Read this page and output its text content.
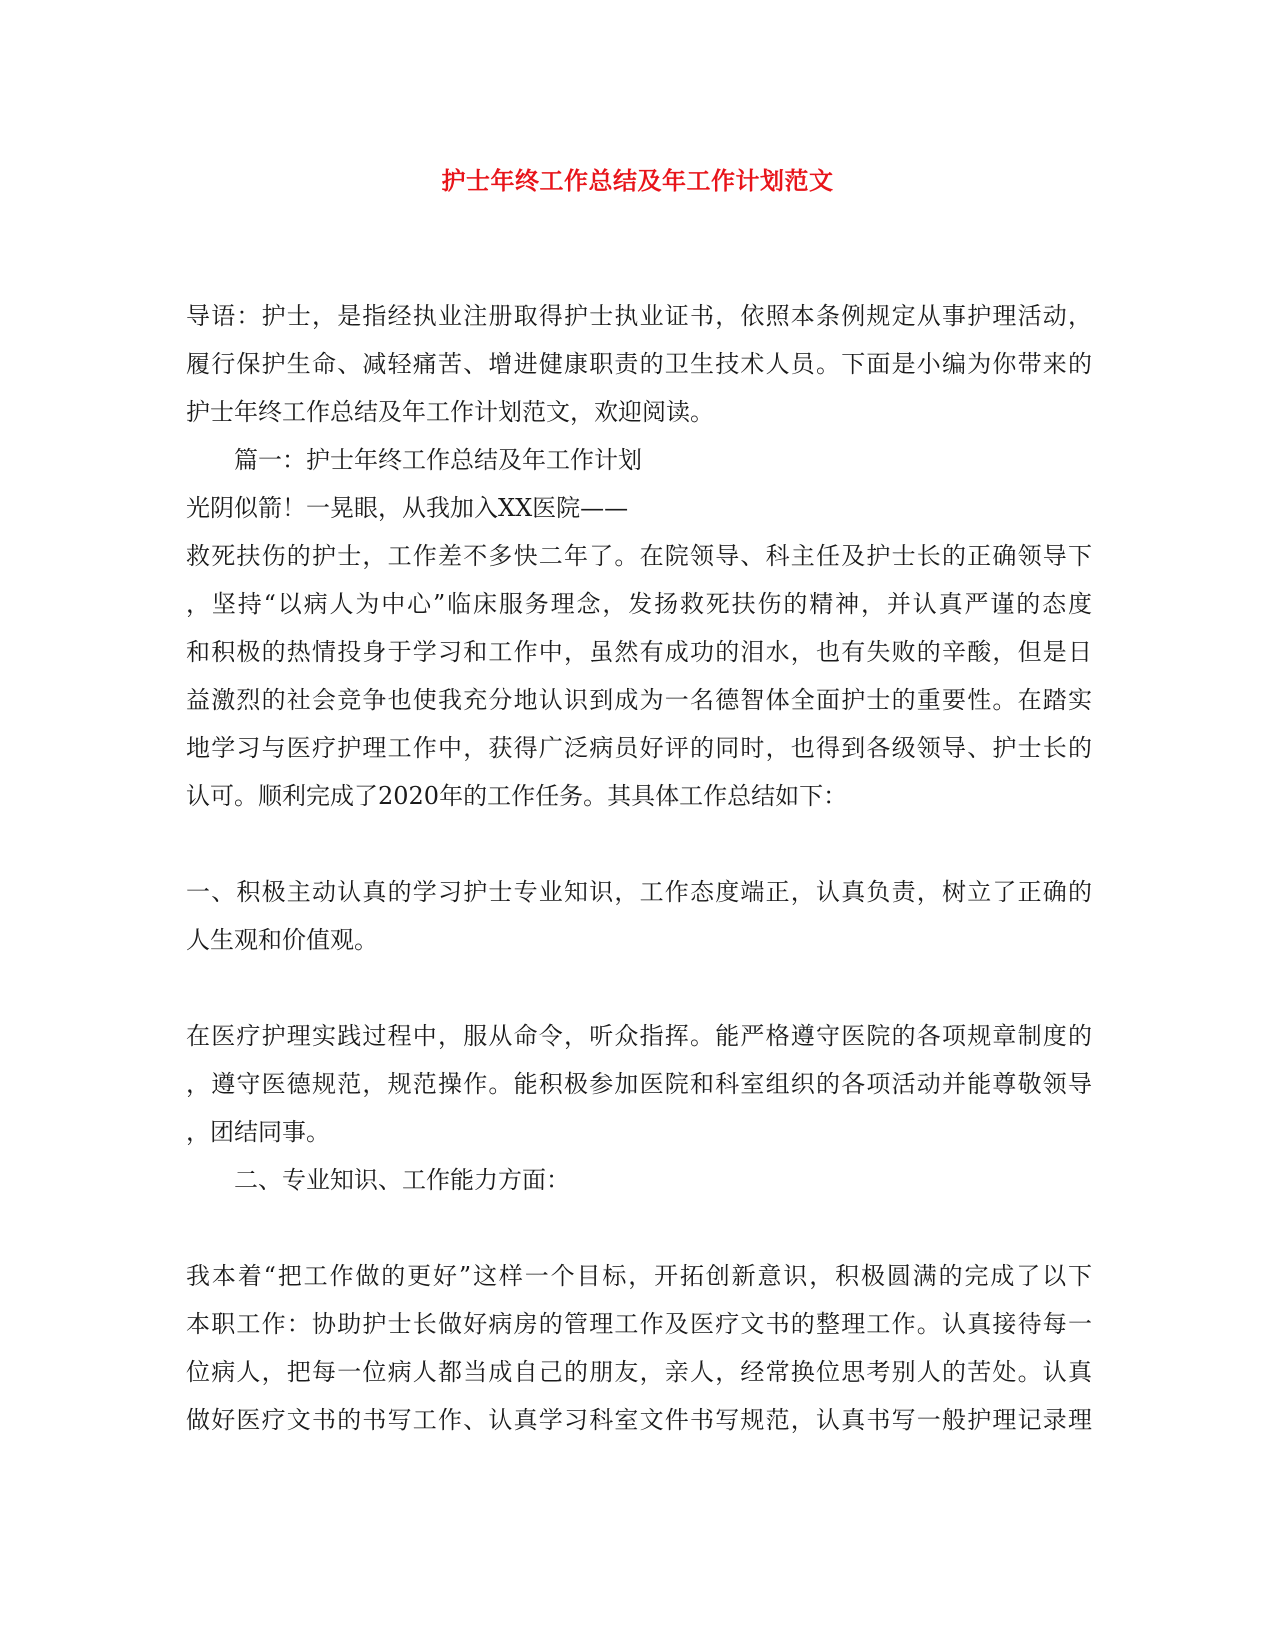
护士年终工作总结及年工作计划范文
导语：护士，是指经执业注册取得护士执业证书，依照本条例规定从事护理活动，
履行保护生命、减轻痛苦、增进健康职责的卫生技术人员。下面是小编为你带来的
护士年终工作总结及年工作计划范文，欢迎阅读。
篇一：护士年终工作总结及年工作计划
光阴似箭！一晃眼，从我加入XX医院——
救死扶伤的护士，工作差不多快二年了。在院领导、科主任及护士长的正确领导下
，坚持“以病人为中心”临床服务理念，发扬救死扶伤的精神，并认真严谨的态度
和积极的热情投身于学习和工作中，虽然有成功的泪水，也有失败的辛酸，但是日
益激烈的社会竞争也使我充分地认识到成为一名德智体全面护士的重要性。在踏实
地学习与医疗护理工作中，获得广泛病员好评的同时，也得到各级领导、护士长的
认可。顺利完成了2020年的工作任务。其具体工作总结如下：
一、积极主动认真的学习护士专业知识，工作态度端正，认真负责，树立了正确的
人生观和价值观。
在医疗护理实践过程中，服从命令，听众指挥。能严格遵守医院的各项规章制度的
，遵守医德规范，规范操作。能积极参加医院和科室组织的各项活动并能尊敬领导
，团结同事。
二、专业知识、工作能力方面：
我本着“把工作做的更好”这样一个目标，开拓创新意识，积极圆满的完成了以下
本职工作：协助护士长做好病房的管理工作及医疗文书的整理工作。认真接待每一
位病人，把每一位病人都当成自己的朋友，亲人，经常换位思考别人的苦处。认真
做好医疗文书的书写工作、认真学习科室文件书写规范，认真书写一般护理记录理
